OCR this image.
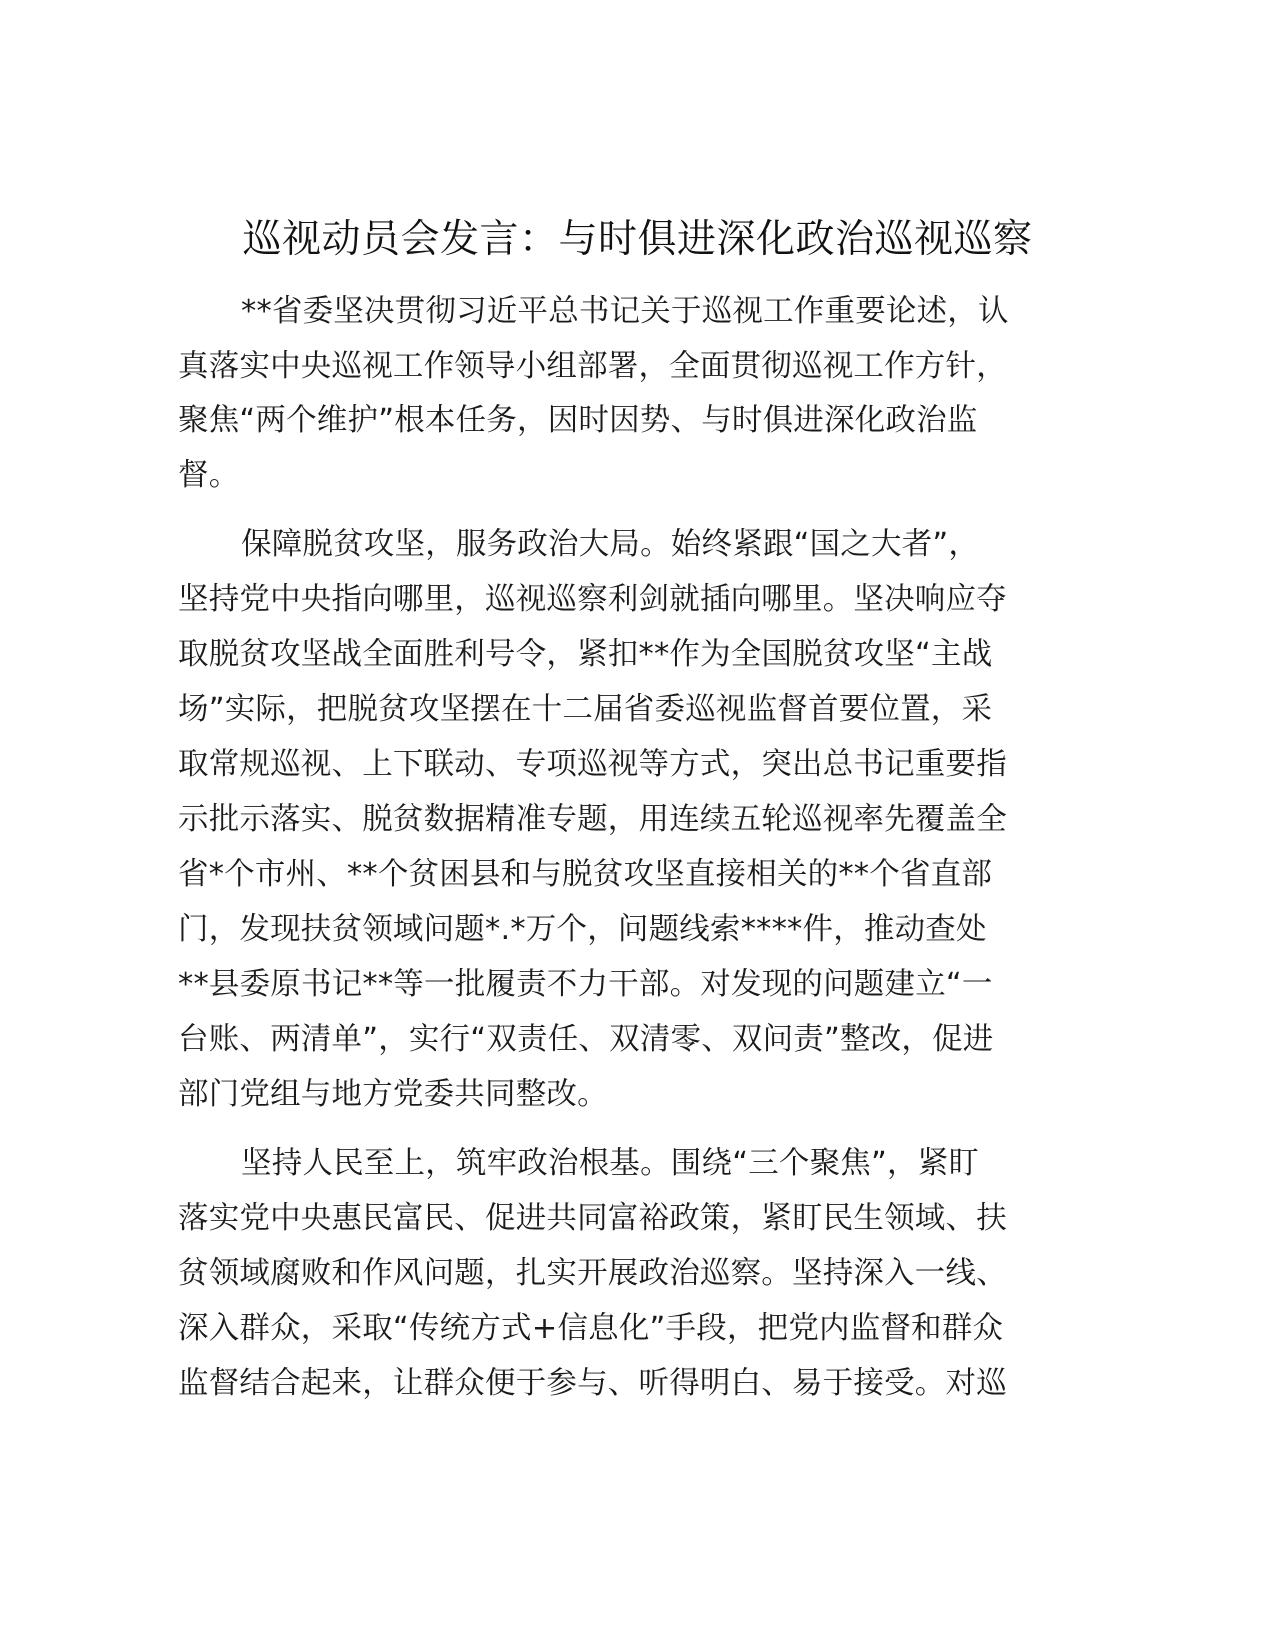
巡视动员会发言：与时俱进深化政治巡视巡察
**省委坚决贯彻习近平总书记关于巡视工作重要论述，认
真落实中央巡视工作领导小组部署，全面贯彻巡视工作方针，
聚焦“两个维护”根本任务，因时因势、与时俱进深化政治监
督。
保障脱贫攻坚，服务政治大局。始终紧跟“国之大者”，
坚持党中央指向哪里，巡视巡察利剑就插向哪里。坚决响应夺
取脱贫攻坚战全面胜利号令，紧扣**作为全国脱贫攻坚“主战
场”实际，把脱贫攻坚摆在十二届省委巡视监督首要位置，采
取常规巡视、上下联动、专项巡视等方式，突出总书记重要指
示批示落实、脱贫数据精准专题，用连续五轮巡视率先覆盖全
省*个市州、**个贫困县和与脱贫攻坚直接相关的**个省直部
门，发现扶贫领域问题*.*万个，问题线索****件，推动查处
**县委原书记**等一批履责不力干部。对发现的问题建立“一
台账、两清单”，实行“双责任、双清零、双问责”整改，促进
部门党组与地方党委共同整改。
坚持人民至上，筑牢政治根基。围绕“三个聚焦”，紧盯
落实党中央惠民富民、促进共同富裕政策，紧盯民生领域、扶
贫领域腐败和作风问题，扎实开展政治巡察。坚持深入一线、
深入群众，采取“传统方式+信息化”手段，把党内监督和群众
监督结合起来，让群众便于参与、听得明白、易于接受。对巡
